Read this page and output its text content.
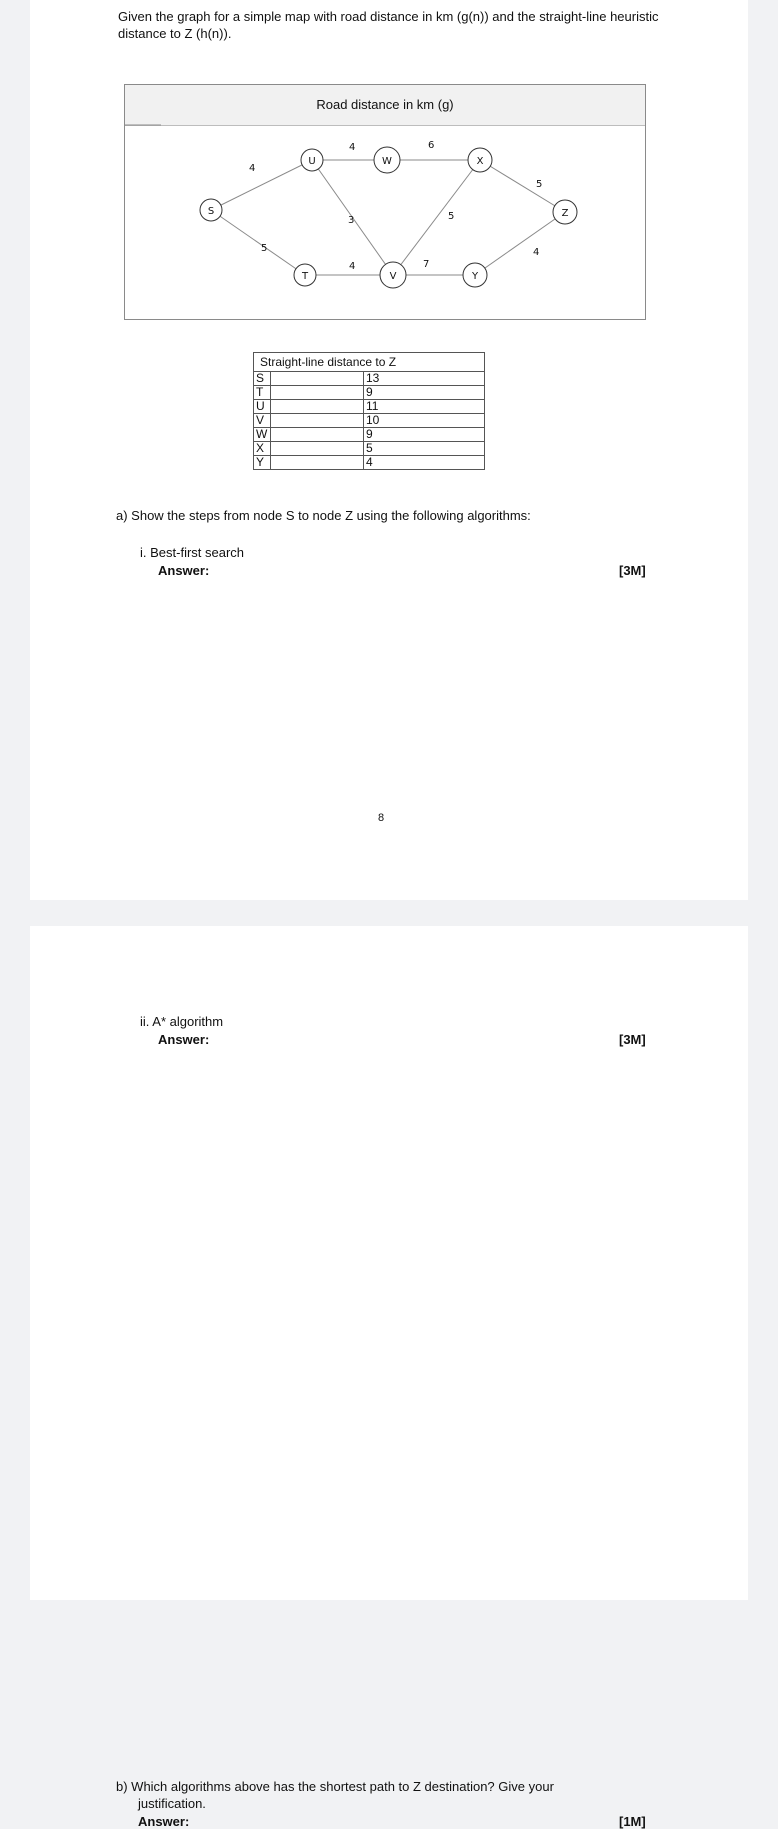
Given the graph for a simple map with road distance in km (g(n)) and the straight-line heuristic distance to Z (h(n)).

Road distance in km (g)
4
6
4
3	5
5
5
4	7
4
S
U	W	X
Z
T	V	Y
Straight-line distance to Z		
S		13
T		9
U		11
V		10
W		9
X		5
Y		4

a) Show the steps from node S to node Z using the following algorithms:

i. Best-first search

Answer:	[3M]

8

ii. A* algorithm

Answer:	[3M]

b) Which algorithms above has the shortest path to Z destination? Give your

justification.

Answer:	[1M]
